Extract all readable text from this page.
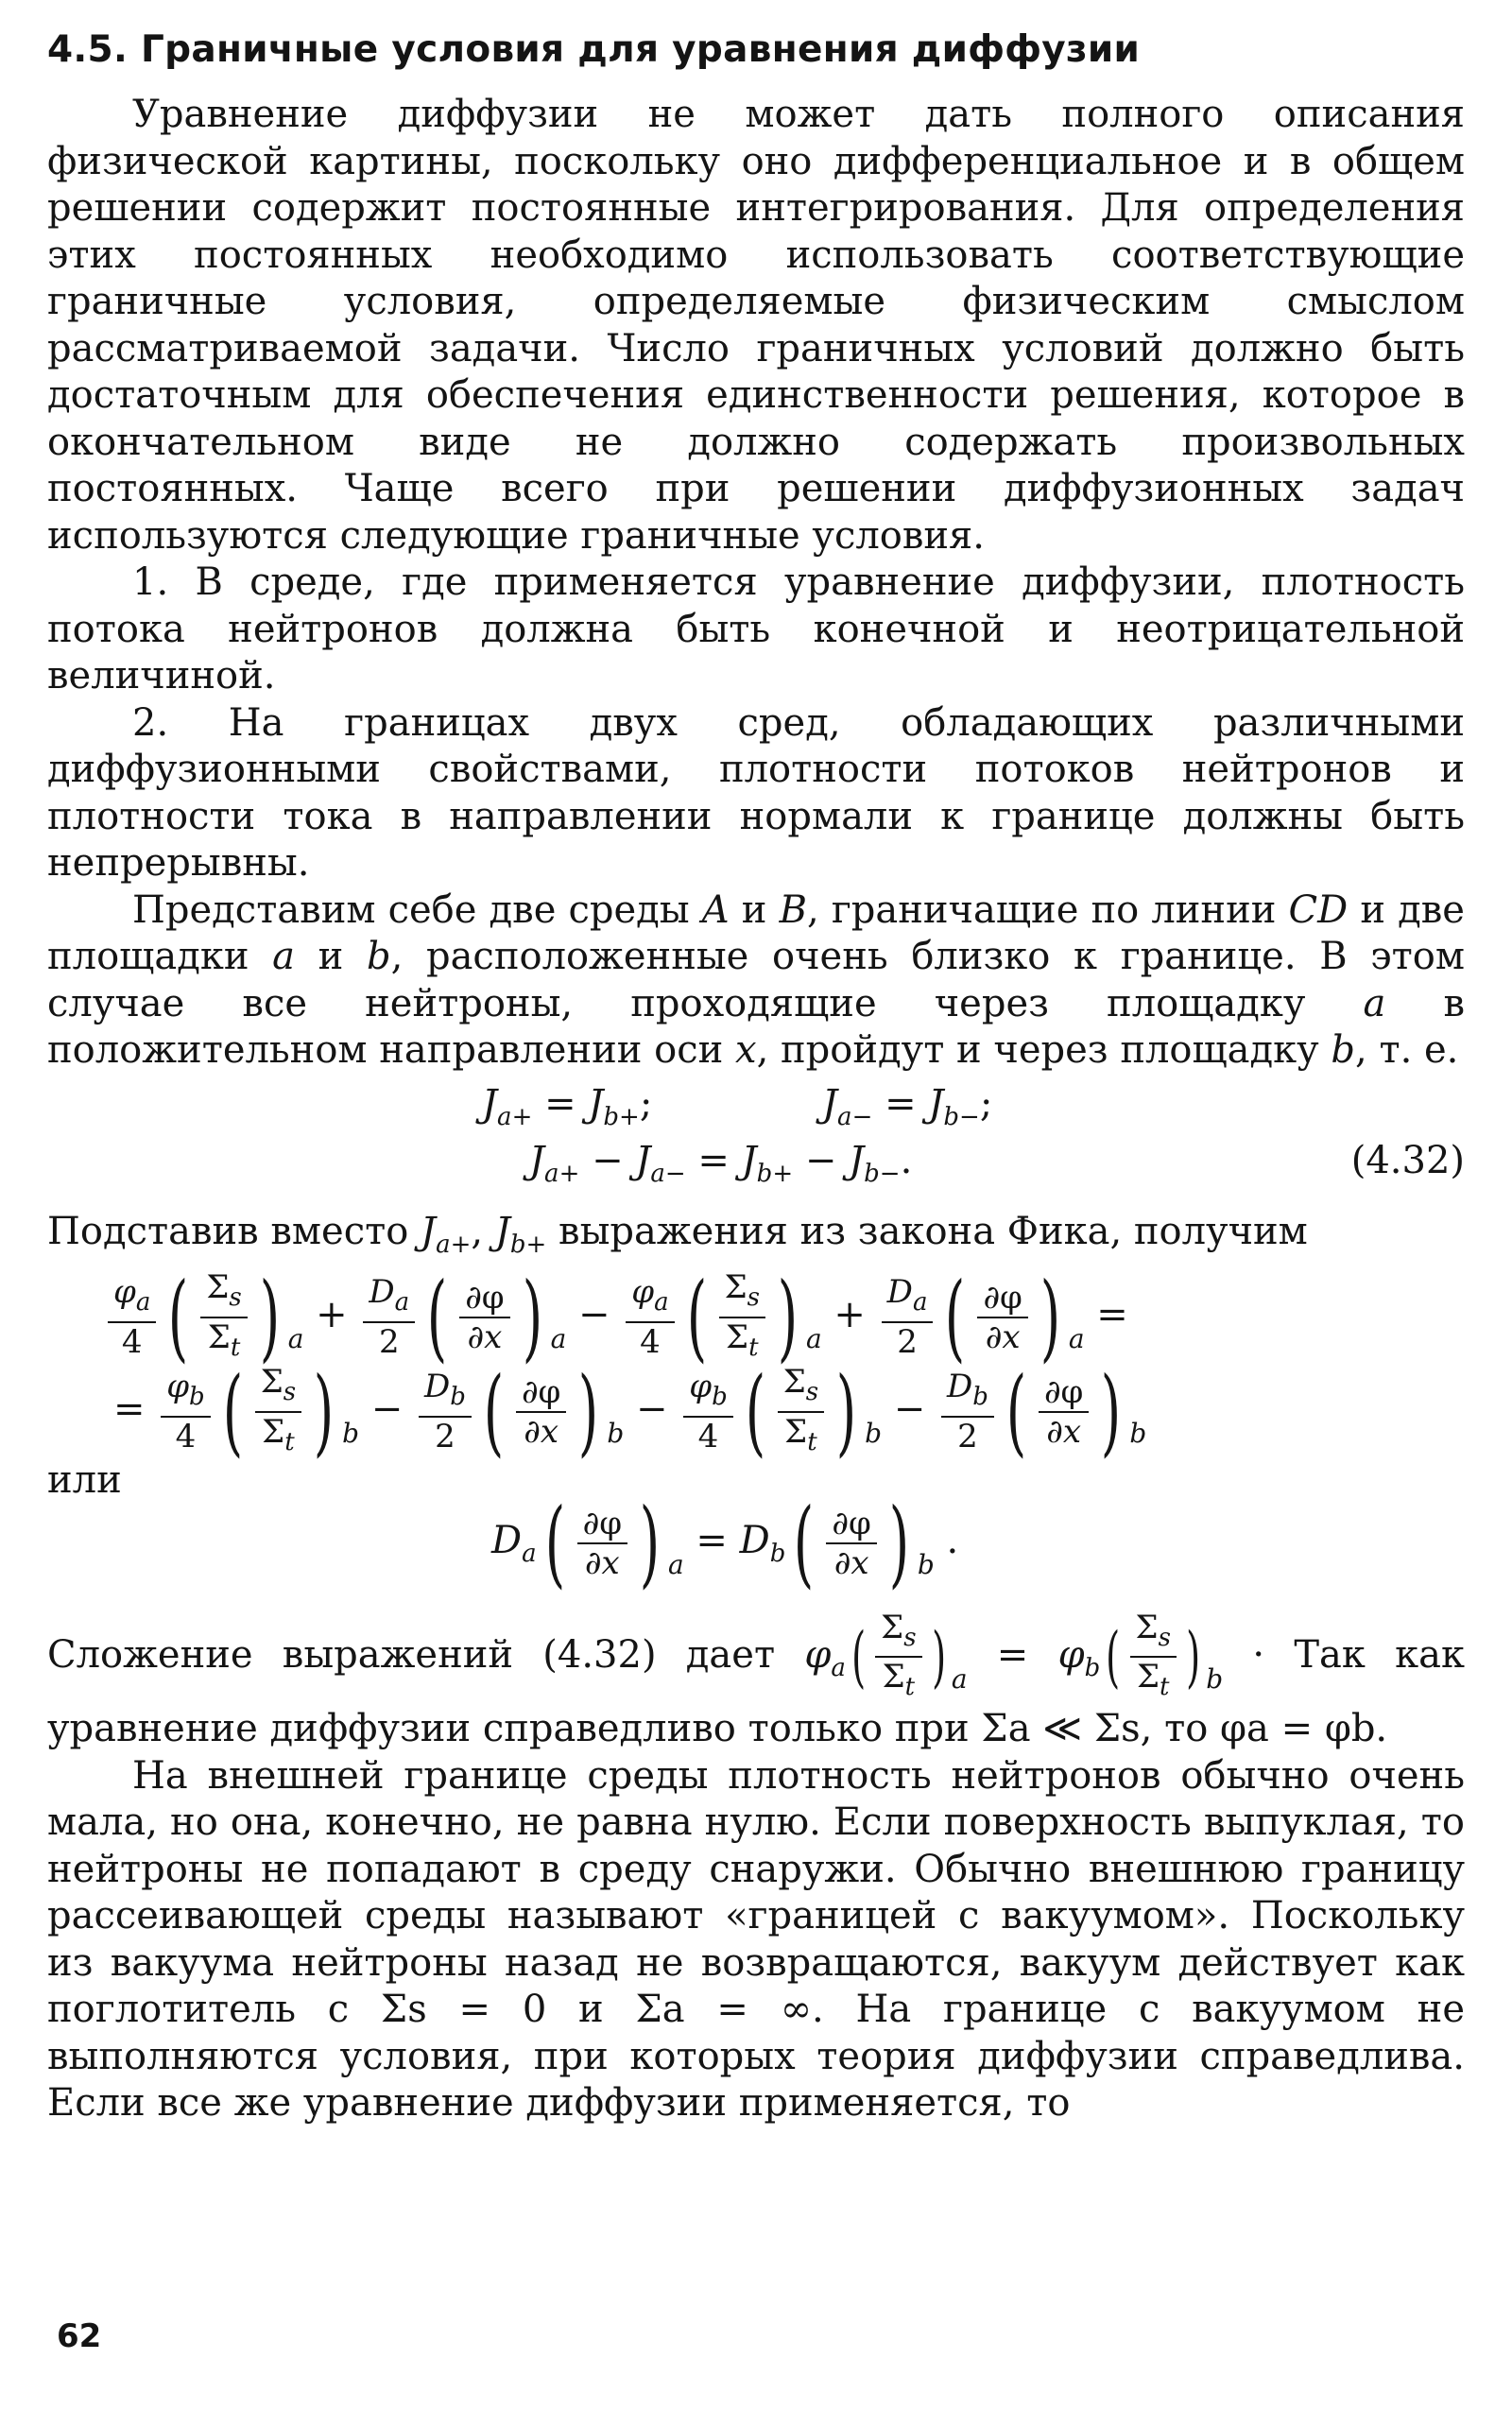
4.5. Граничные условия для уравнения диффузии

Уравнение диффузии не может дать полного описания физической картины, поскольку оно дифференциальное и в общем решении содержит постоянные интегрирования. Для определения этих постоянных необходимо использовать соответствующие граничные условия, определяемые физическим смыслом рассматриваемой задачи. Число граничных условий должно быть достаточным для обеспечения единственности решения, которое в окончательном виде не должно содержать произвольных постоянных. Чаще всего при решении диффузионных задач используются следующие граничные условия.

1. В среде, где применяется уравнение диффузии, плотность потока нейтронов должна быть конечной и неотрицательной величиной.

2. На границах двух сред, обладающих различными диффузионными свойствами, плотности потоков нейтронов и плотности тока в направлении нормали к границе должны быть непрерывны.

Представим себе две среды A и B, граничащие по линии CD и две площадки a и b, расположенные очень близко к границе. В этом случае все нейтроны, проходящие через площадку a в положительном направлении оси x, пройдут и через площадку b, т. е.

$J_{a+} = J_{b+}$;	$J_{a-} = J_{b-}$;
$J_{a+} - J_{a-} = J_{b+} - J_{b-}$.	(4.32)

Подставив вместо $J_{a+}$, $J_{b+}$ выражения из закона Фика, получим

$\frac{\varphi_a}{4}$ ( $\frac{\Sigma_s}{\Sigma_t}$ ) $_a + \frac{D_a}{2}$ ( $\frac{\partial\varphi}{\partial x}$ ) $_a - \frac{\varphi_a}{4}$ ( $\frac{\Sigma_s}{\Sigma_t}$ ) $_a + \frac{D_a}{2}$ ( $\frac{\partial\varphi}{\partial x}$ ) $_a$ =
= $\frac{\varphi_b}{4}$ ( $\frac{\Sigma_s}{\Sigma_t}$ ) $_b - \frac{D_b}{2}$ ( $\frac{\partial\varphi}{\partial x}$ ) $_b - \frac{\varphi_b}{4}$ ( $\frac{\Sigma_s}{\Sigma_t}$ ) $_b - \frac{D_b}{2}$ ( $\frac{\partial\varphi}{\partial x}$ ) $_b$

или

$D_a( \frac{\partial\varphi}{\partial x}$ ) $_a = D_b( \frac{\partial\varphi}{\partial x}$ ) $_b$ .

Сложение выражений (4.32) дает $\varphi_a( \frac{\Sigma_s}{\Sigma_t}$ ) $_a = \varphi_b( \frac{\Sigma_s}{\Sigma_t}$ ) $_b$ · Так как уравнение диффузии справедливо только при Σa ≪ Σs, то φa = φb.

На внешней границе среды плотность нейтронов обычно очень мала, но она, конечно, не равна нулю. Если поверхность выпуклая, то нейтроны не попадают в среду снаружи. Обычно внешнюю границу рассеивающей среды называют «границей с вакуумом». Поскольку из вакуума нейтроны назад не возвращаются, вакуум действует как поглотитель с Σs = 0 и Σa = ∞. На границе с вакуумом не выполняются условия, при которых теория диффузии справедлива. Если все же уравнение диффузии применяется, то

62
